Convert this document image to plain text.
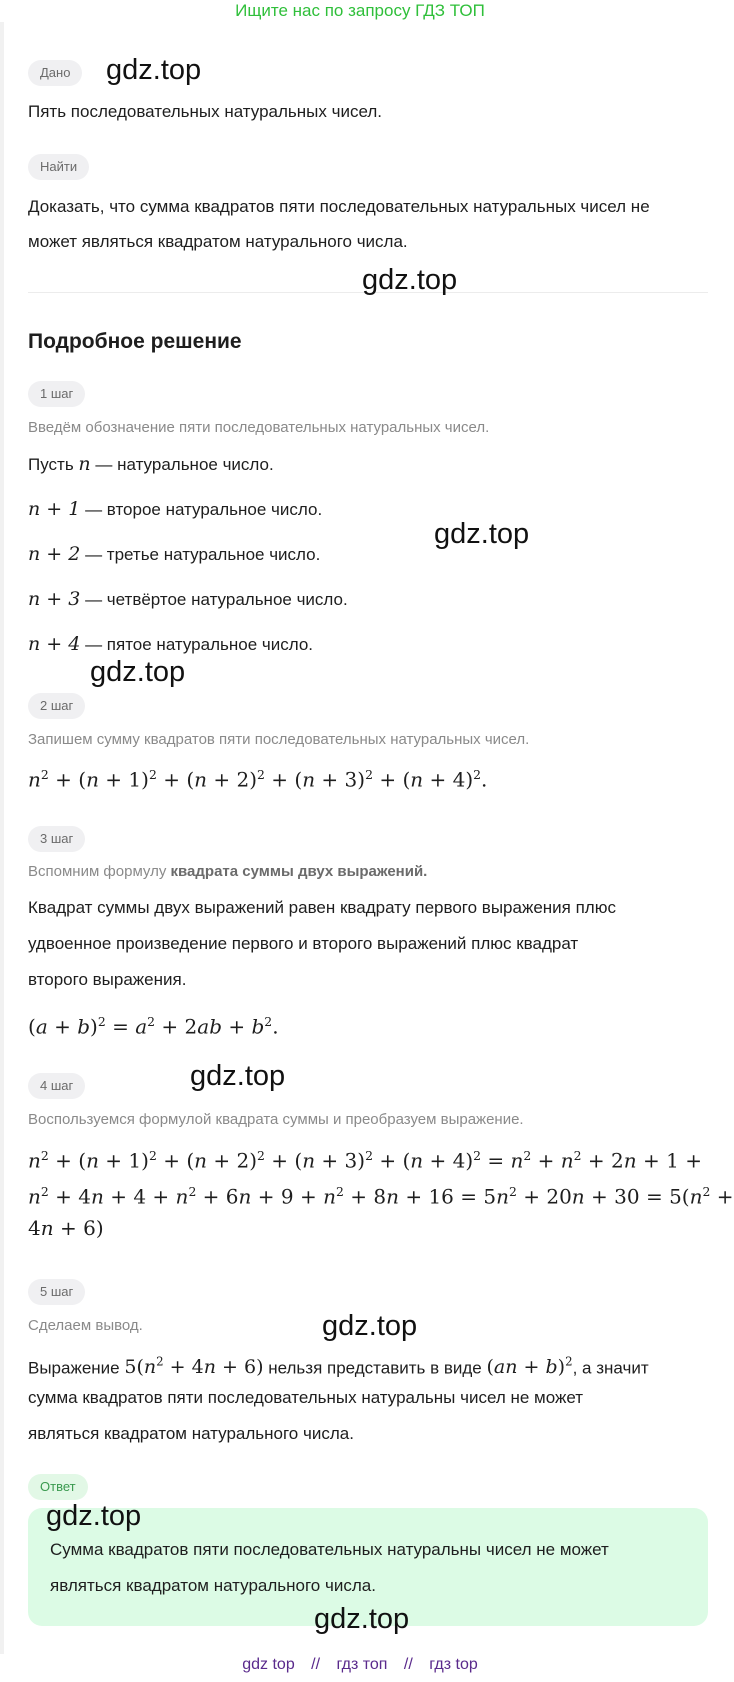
Ищите нас по запросу ГДЗ ТОП
Дано
Пять последовательных натуральных чисел.
Найти
Доказать, что сумма квадратов пяти последовательных натуральных чисел не
может являться квадратом натурального числа.
Подробное решение
1 шаг
Введём обозначение пяти последовательных натуральных чисел.
Пусть n — натуральное число.
n + 1 — второе натуральное число.
n + 2 — третье натуральное число.
n + 3 — четвёртое натуральное число.
n + 4 — пятое натуральное число.
2 шаг
Запишем сумму квадратов пяти последовательных натуральных чисел.
$n^2 + (n + 1)^2 + (n + 2)^2 + (n + 3)^2 + (n + 4)^2$.
3 шаг
Вспомним формулу квадрата суммы двух выражений.
Квадрат суммы двух выражений равен квадрату первого выражения плюс
удвоенное произведение первого и второго выражений плюс квадрат
второго выражения.
$(a + b)^2 = a^2 + 2ab + b^2$.
4 шаг
Воспользуемся формулой квадрата суммы и преобразуем выражение.
$n^2 + (n + 1)^2 + (n + 2)^2 + (n + 3)^2 + (n + 4)^2 = n^2 + n^2 + 2n + 1$ +
$n^2 + 4n + 4 + n^2 + 6n + 9 + n^2 + 8n + 16 = 5n^2 + 20n + 30 = 5(n^2$ +
4n + 6)
5 шаг
Сделаем вывод.
Выражение $5(n^2 + 4n + 6)$ нельзя представить в виде (an + b)$^2$, а значит
сумма квадратов пяти последовательных натуральны чисел не может
являться квадратом натурального числа.
Ответ
Сумма квадратов пяти последовательных натуральны чисел не может
являться квадратом натурального числа.
gdz.top
gdz.top
gdz.top
gdz.top
gdz.top
gdz.top
gdz.top
gdz.top
gdz top // гдз топ // гдз top
